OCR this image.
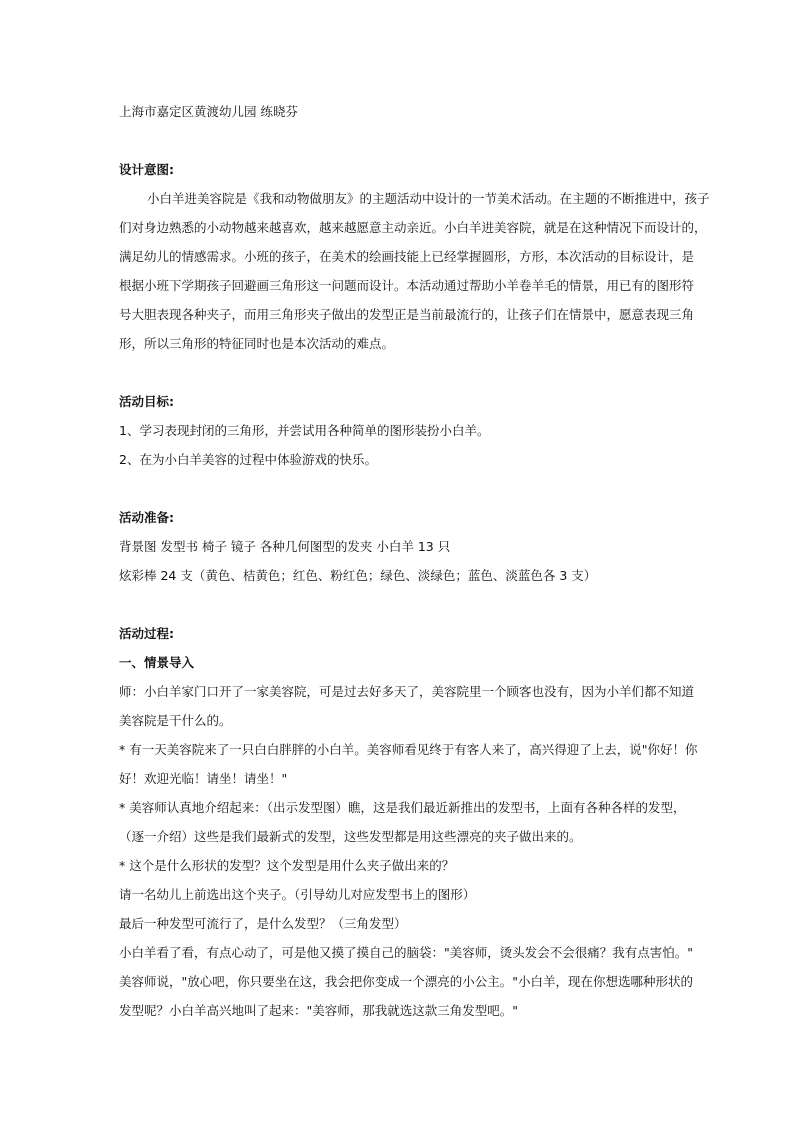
上海市嘉定区黄渡幼儿园 练晓芬
设计意图:
小白羊进美容院是《我和动物做朋友》的主题活动中设计的一节美术活动。在主题的不断推进中，孩子
们对身边熟悉的小动物越来越喜欢，越来越愿意主动亲近。小白羊进美容院，就是在这种情况下而设计的，
满足幼儿的情感需求。小班的孩子，在美术的绘画技能上已经掌握圆形，方形，本次活动的目标设计，是
根据小班下学期孩子回避画三角形这一问题而设计。本活动通过帮助小羊卷羊毛的情景，用已有的图形符
号大胆表现各种夹子，而用三角形夹子做出的发型正是当前最流行的，让孩子们在情景中，愿意表现三角
形，所以三角形的特征同时也是本次活动的难点。
活动目标:
1、学习表现封闭的三角形，并尝试用各种简单的图形装扮小白羊。
2、在为小白羊美容的过程中体验游戏的快乐。
活动准备:
背景图 发型书 椅子 镜子 各种几何图型的发夹 小白羊 13 只
炫彩棒 24 支（黄色、桔黄色；红色、粉红色；绿色、淡绿色；蓝色、淡蓝色各 3 支）
活动过程:
一、情景导入
师：小白羊家门口开了一家美容院，可是过去好多天了，美容院里一个顾客也没有，因为小羊们都不知道
美容院是干什么的。
* 有一天美容院来了一只白白胖胖的小白羊。美容师看见终于有客人来了，高兴得迎了上去，说"你好！你
好！欢迎光临！请坐！请坐！"
* 美容师认真地介绍起来：（出示发型图）瞧，这是我们最近新推出的发型书，上面有各种各样的发型，
（逐一介绍）这些是我们最新式的发型，这些发型都是用这些漂亮的夹子做出来的。
* 这个是什么形状的发型？这个发型是用什么夹子做出来的？
请一名幼儿上前选出这个夹子。（引导幼儿对应发型书上的图形）
最后一种发型可流行了，是什么发型？（三角发型）
小白羊看了看，有点心动了，可是他又摸了摸自己的脑袋："美容师，烫头发会不会很痛？我有点害怕。"
美容师说，"放心吧，你只要坐在这，我会把你变成一个漂亮的小公主。"小白羊，现在你想选哪种形状的
发型呢？小白羊高兴地叫了起来："美容师，那我就选这款三角发型吧。"
